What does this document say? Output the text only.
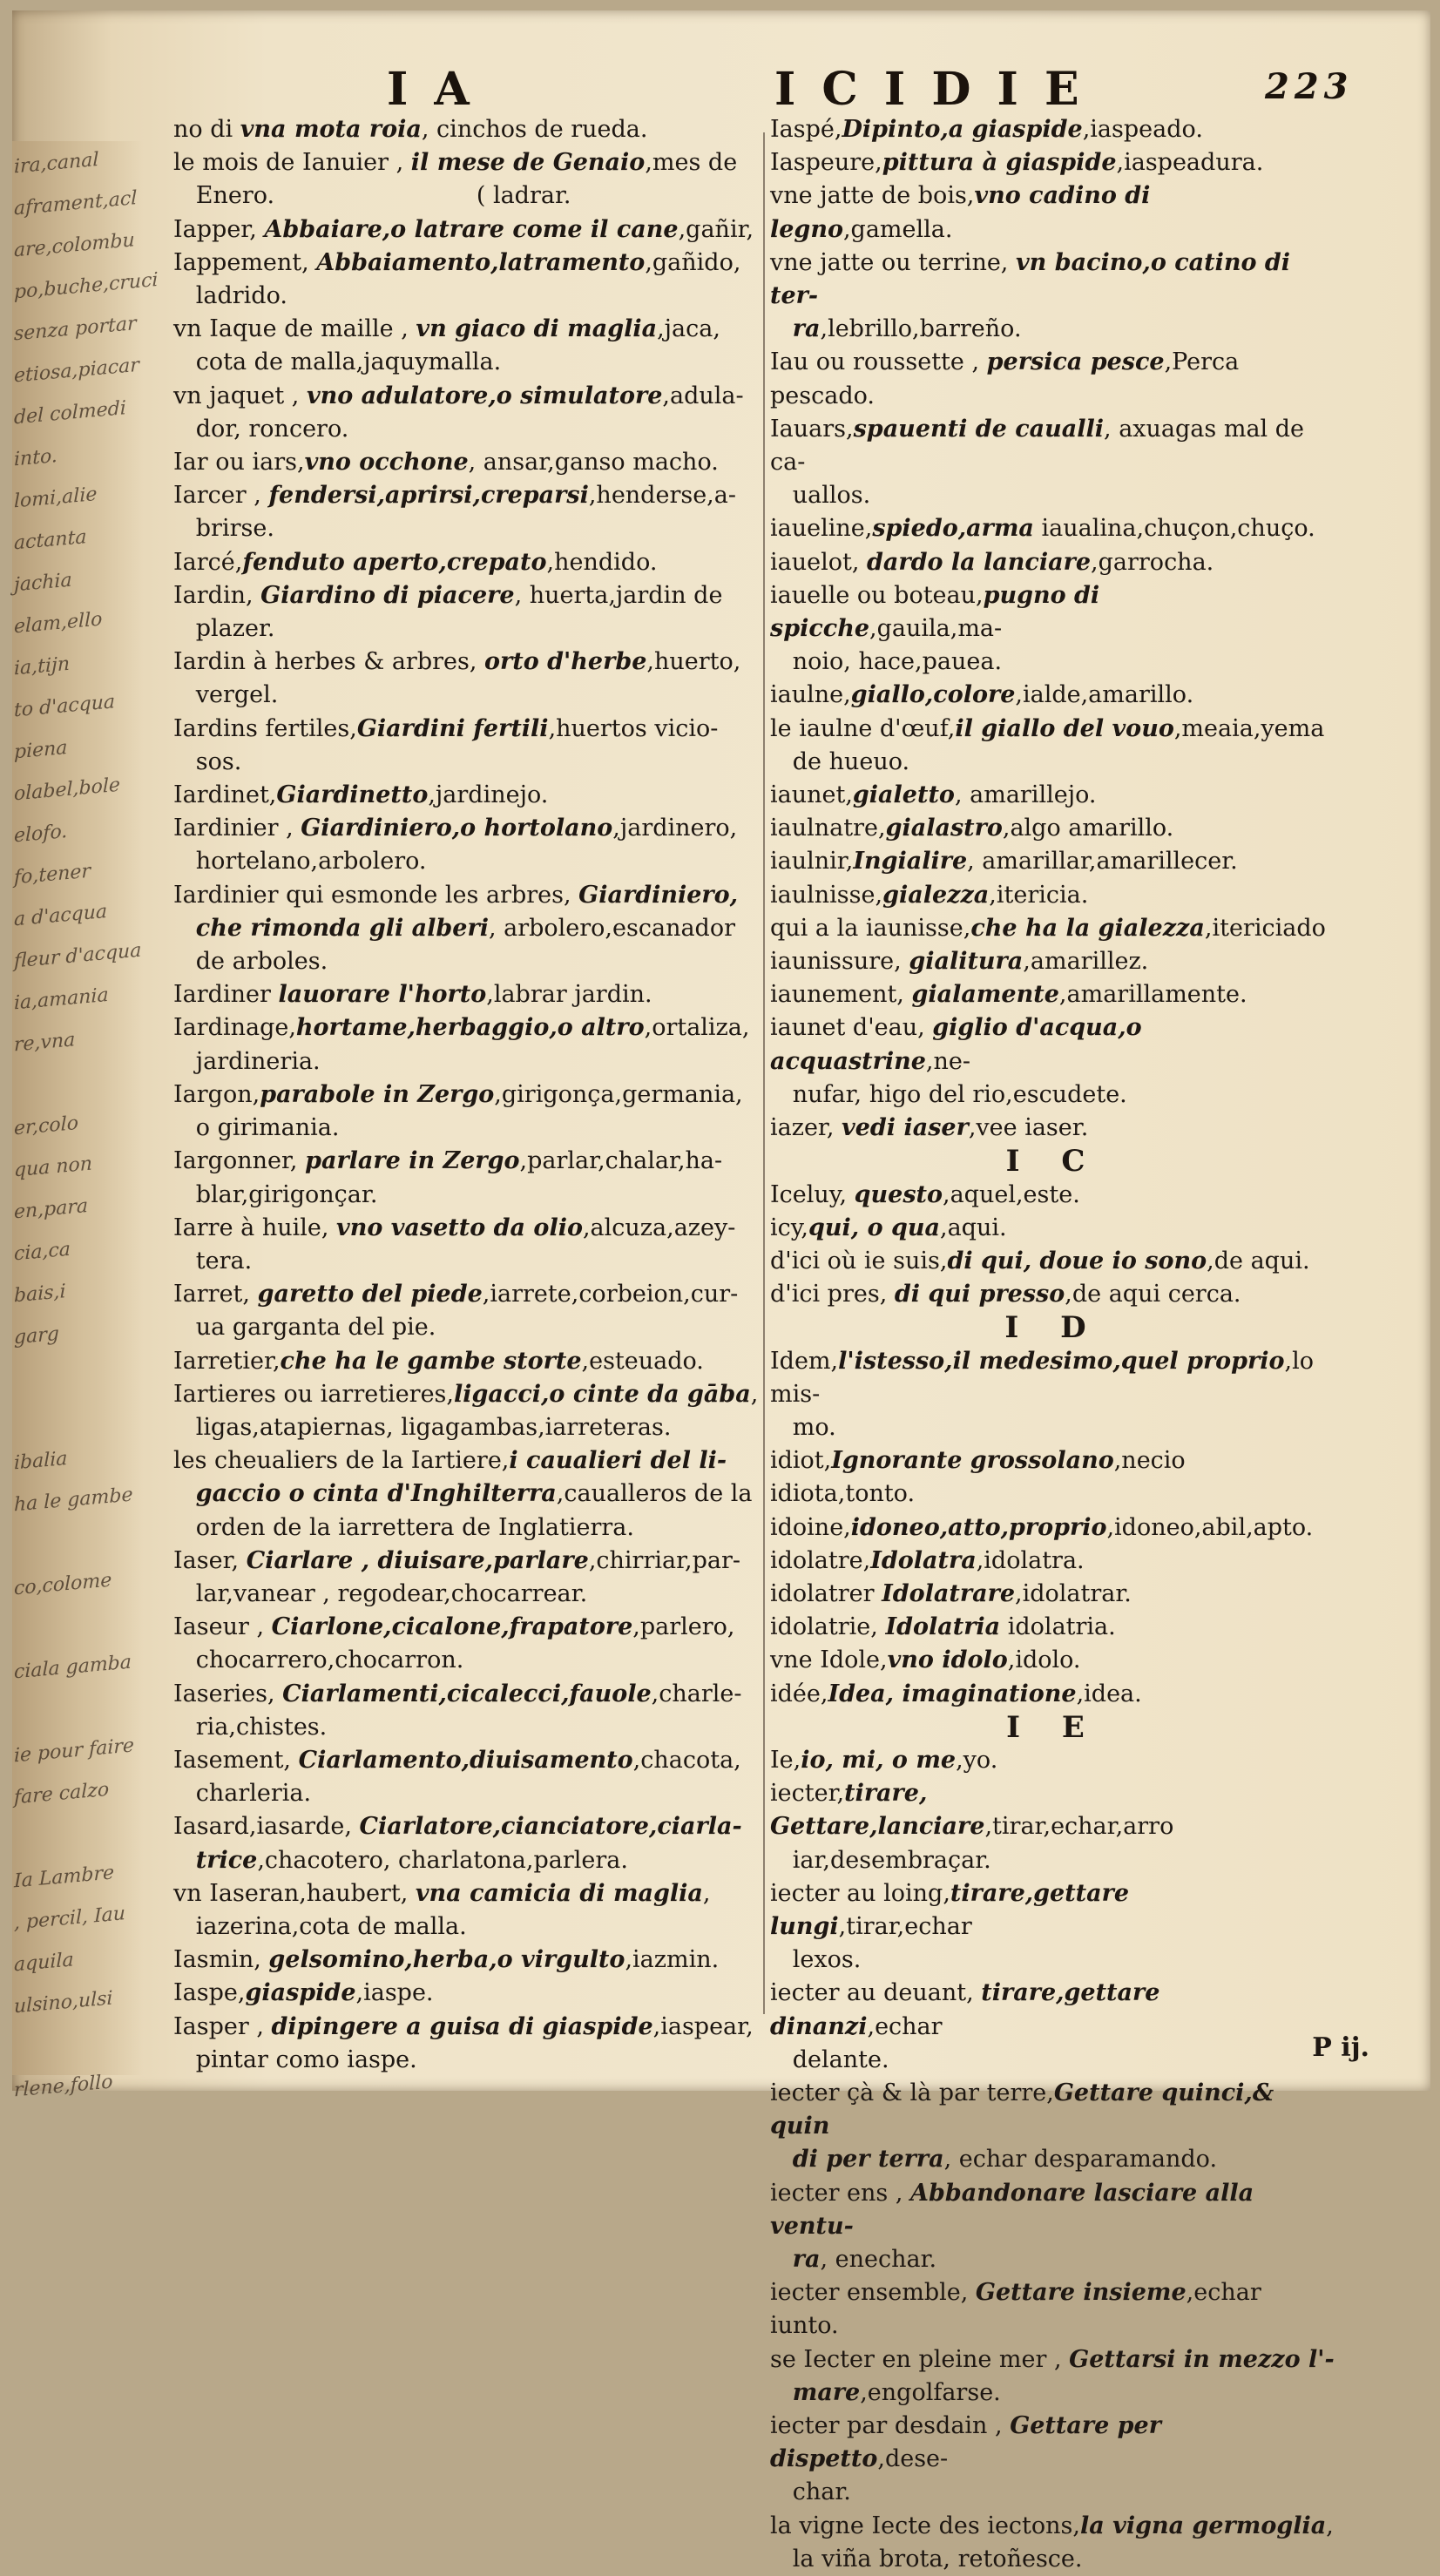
ira,canal
aframent,acl
are,colombu
po,buche,cruci
senza portar
etiosa,piacar
del colmedi
into.
lomi,alie
actanta
jachia
elam,ello
ia,tijn
to d'acqua
piena
olabel,bole
elofo.
fo,tener
a d'acqua
fleur d'acqua
ia,amania
re,vna
er,colo
qua non
en,para
cia,ca
bais,i
garg
ibalia
ha le gambe
co,colome
ciala gamba
ie pour faire
fare calzo
Ia Lambre
, percil, Iau
aquila
ulsino,ulsi
rlene,follo
I A	I C I D I E	223
no di vna mota roia, cinchos de rueda.
le mois de Ianuier , il mese de Genaio,mes de
Enero.                           ( ladrar.
Iapper, Abbaiare,o latrare come il cane,gañir,
Iappement, Abbaiamento,latramento,gañido,
ladrido.
vn Iaque de maille , vn giaco di maglia,jaca,
cota de malla,jaquymalla.
vn jaquet , vno adulatore,o simulatore,adula-
dor, roncero.
Iar ou iars,vno occhone, ansar,ganso macho.
Iarcer , fendersi,aprirsi,creparsi,henderse,a-
brirse.
Iarcé,fenduto aperto,crepato,hendido.
Iardin, Giardino di piacere, huerta,jardin de
plazer.
Iardin à herbes & arbres, orto d'herbe,huerto,
vergel.
Iardins fertiles,Giardini fertili,huertos vicio-
sos.
Iardinet,Giardinetto,jardinejo.
Iardinier , Giardiniero,o hortolano,jardinero,
hortelano,arbolero.
Iardinier qui esmonde les arbres, Giardiniero,
che rimonda gli alberi, arbolero,escanador
de arboles.
Iardiner lauorare l'horto,labrar jardin.
Iardinage,hortame,herbaggio,o altro,ortaliza,
jardineria.
Iargon,parabole in Zergo,girigonça,germania,
o girimania.
Iargonner, parlare in Zergo,parlar,chalar,ha-
blar,girigonçar.
Iarre à huile, vno vasetto da olio,alcuza,azey-
tera.
Iarret, garetto del piede,iarrete,corbeion,cur-
ua garganta del pie.
Iarretier,che ha le gambe storte,esteuado.
Iartieres ou iarretieres,ligacci,o cinte da gāba,
ligas,atapiernas, ligagambas,iarreteras.
les cheualiers de la Iartiere,i caualieri del li-
gaccio o cinta d'Inghilterra,caualleros de la
orden de la iarrettera de Inglatierra.
Iaser, Ciarlare , diuisare,parlare,chirriar,par-
lar,vanear , regodear,chocarrear.
Iaseur , Ciarlone,cicalone,frapatore,parlero,
chocarrero,chocarron.
Iaseries, Ciarlamenti,cicalecci,fauole,charle-
ria,chistes.
Iasement, Ciarlamento,diuisamento,chacota,
charleria.
Iasard,iasarde, Ciarlatore,cianciatore,ciarla-
trice,chacotero, charlatona,parlera.
vn Iaseran,haubert, vna camicia di maglia,
iazerina,cota de malla.
Iasmin, gelsomino,herba,o virgulto,iazmin.
Iaspe,giaspide,iaspe.
Iasper , dipingere a guisa di giaspide,iaspear,
pintar como iaspe.
Iaspé,Dipinto,a giaspide,iaspeado.
Iaspeure,pittura à giaspide,iaspeadura.
vne jatte de bois,vno cadino di legno,gamella.
vne jatte ou terrine, vn bacino,o catino di ter-
ra,lebrillo,barreño.
Iau ou roussette , persica pesce,Perca pescado.
Iauars,spauenti de caualli, axuagas mal de ca-
uallos.
iaueline,spiedo,arma iaualina,chuçon,chuço.
iauelot, dardo la lanciare,garrocha.
iauelle ou boteau,pugno di spicche,gauila,ma-
noio, hace,pauea.
iaulne,giallo,colore,ialde,amarillo.
le iaulne d'œuf,il giallo del vouo,meaia,yema
de hueuo.
iaunet,gialetto, amarillejo.
iaulnatre,gialastro,algo amarillo.
iaulnir,Ingialire, amarillar,amarillecer.
iaulnisse,gialezza,itericia.
qui a la iaunisse,che ha la gialezza,itericiado
iaunissure, gialitura,amarillez.
iaunement, gialamente,amarillamente.
iaunet d'eau, giglio d'acqua,o acquastrine,ne-
nufar, higo del rio,escudete.
iazer, vedi iaser,vee iaser.
I C
Iceluy, questo,aquel,este.
icy,qui, o qua,aqui.
d'ici où ie suis,di qui, doue io sono,de aqui.
d'ici pres, di qui presso,de aqui cerca.
I D
Idem,l'istesso,il medesimo,quel proprio,lo mis-
mo.
idiot,Ignorante grossolano,necio idiota,tonto.
idoine,idoneo,atto,proprio,idoneo,abil,apto.
idolatre,Idolatra,idolatra.
idolatrer Idolatrare,idolatrar.
idolatrie, Idolatria idolatria.
vne Idole,vno idolo,idolo.
idée,Idea, imaginatione,idea.
I E
Ie,io, mi, o me,yo.
iecter,tirare, Gettare,lanciare,tirar,echar,arro
iar,desembraçar.
iecter au loing,tirare,gettare lungi,tirar,echar
lexos.
iecter au deuant, tirare,gettare dinanzi,echar
delante.
iecter çà & là par terre,Gettare quinci,& quin
di per terra, echar desparamando.
iecter ens , Abbandonare lasciare alla ventu-
ra, enechar.
iecter ensemble, Gettare insieme,echar iunto.
se Iecter en pleine mer , Gettarsi in mezzo l'-
mare,engolfarse.
iecter par desdain , Gettare per dispetto,dese-
char.
la vigne Iecte des iectons,la vigna germoglia,
la viña brota, retoñesce.
P ij.
